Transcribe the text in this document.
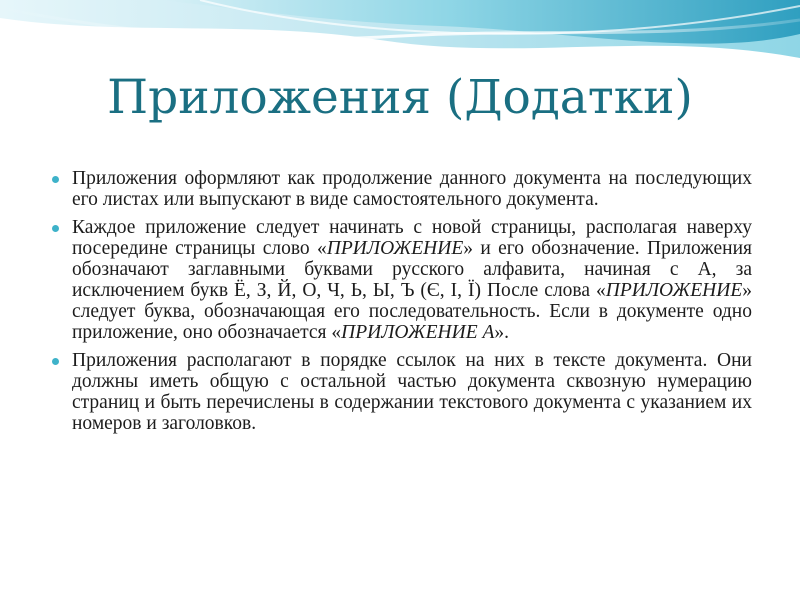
Приложения (Додатки)
Приложения оформляют как продолжение данного документа на последующих его листах или выпускают в виде самостоятельного документа.
Каждое приложение следует начинать с новой страницы, располагая наверху посередине страницы слово «ПРИЛОЖЕНИЕ» и его обозначение. Приложения обозначают заглавными буквами русского алфавита, начиная с А, за исключением букв Ё, З, Й, О, Ч, Ь, Ы, Ъ (Є, І, Ї) После слова «ПРИЛОЖЕНИЕ» следует буква, обозначающая его последовательность. Если в документе одно приложение, оно обозначается «ПРИЛОЖЕНИЕ А».
Приложения располагают в порядке ссылок на них в тексте документа. Они должны иметь общую с остальной частью документа сквозную нумерацию страниц и быть перечислены в содержании текстового документа с указанием их номеров и заголовков.
